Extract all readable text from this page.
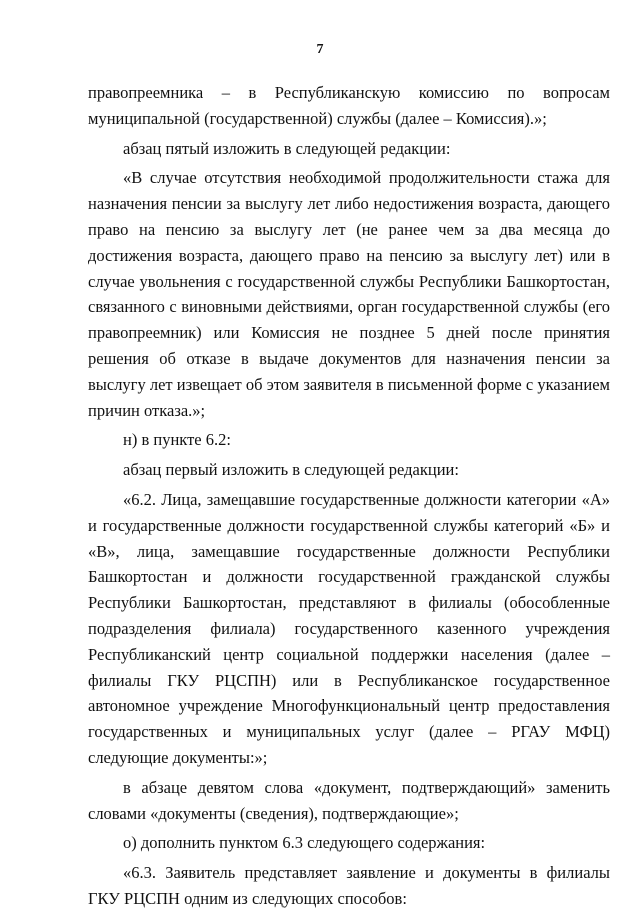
7

правопреемника – в Республиканскую комиссию по вопросам муниципальной (государственной) службы (далее – Комиссия).»;

абзац пятый изложить в следующей редакции:

«В случае отсутствия необходимой продолжительности стажа для назначения пенсии за выслугу лет либо недостижения возраста, дающего право на пенсию за выслугу лет (не ранее чем за два месяца до достижения возраста, дающего право на пенсию за выслугу лет) или в случае увольнения с государственной службы Республики Башкортостан, связанного с виновными действиями, орган государственной службы (его правопреемник) или Комиссия не позднее 5 дней после принятия решения об отказе в выдаче документов для назначения пенсии за выслугу лет извещает об этом заявителя в письменной форме с указанием причин отказа.»;

н) в пункте 6.2:

абзац первый изложить в следующей редакции:

«6.2. Лица, замещавшие государственные должности категории «А» и государственные должности государственной службы категорий «Б» и «В», лица, замещавшие государственные должности Республики Башкортостан и должности государственной гражданской службы Республики Башкортостан, представляют в филиалы (обособленные подразделения филиала) государственного казенного учреждения Республиканский центр социальной поддержки населения (далее – филиалы ГКУ РЦСПН) или в Республиканское государственное автономное учреждение Многофункциональный центр предоставления государственных и муниципальных услуг (далее – РГАУ МФЦ) следующие документы:»;

в абзаце девятом слова «документ, подтверждающий» заменить словами «документы (сведения), подтверждающие»;

о) дополнить пунктом 6.3 следующего содержания:

«6.3. Заявитель представляет заявление и документы в филиалы ГКУ РЦСПН одним из следующих способов:
